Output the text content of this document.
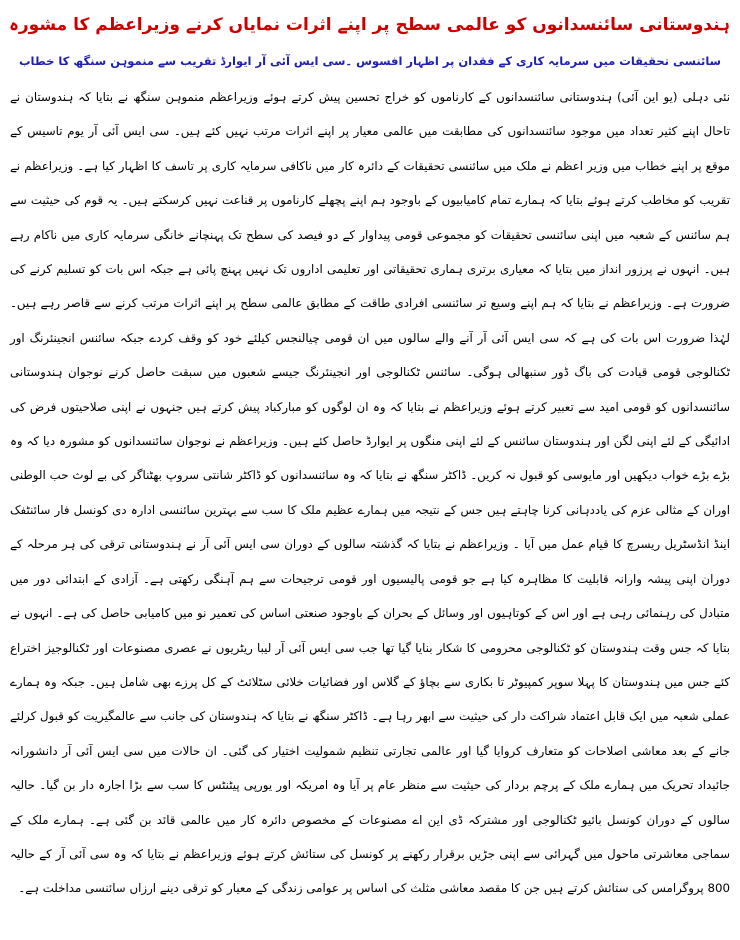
ہندوستانی سائنسدانوں کو عالمی سطح پر اپنے اثرات نمایاں کرنے وزیراعظم کا مشورہ
سائنسی تحقیقات میں سرمایہ کاری کے فقدان پر اظہار افسوس ۔سی ایس آئی آر ایوارڈ تقریب سے منموہن سنگھ کا خطاب

نئی دہلی (یو این آئی) ہندوستانی سائنسدانوں کے کارناموں کو خراج تحسین پیش کرتے ہوئے وزیراعظم منموہن سنگھ نے بتایا کہ ہندوستان نے تاحال اپنے کثیر تعداد میں موجود سائنسدانوں کی مطابقت میں عالمی معیار پر اپنے اثرات مرتب نہیں کئے ہیں۔ سی ایس آئی آر یوم تاسیس کے موقع پر اپنے خطاب میں وزیر اعظم نے ملک میں سائنسی تحقیقات کے دائرہ کار میں ناکافی سرمایہ کاری پر تاسف کا اظہار کیا ہے۔ وزیراعظم نے تقریب کو مخاطب کرتے ہوئے بتایا کہ ہمارے تمام کامیابیوں کے باوجود ہم اپنے پچھلے کارناموں پر قناعت نہیں کرسکتے ہیں۔ یہ قوم کی حیثیت سے ہم سائنس کے شعبہ میں اپنی سائنسی تحقیقات کو مجموعی قومی پیداوار کے دو فیصد کی سطح تک پہنچانے خانگی سرمایہ کاری میں ناکام رہے ہیں۔ انہوں نے پرزور انداز میں بتایا کہ معیاری برتری ہماری تحقیقاتی اور تعلیمی اداروں تک نہیں پہنچ پائی ہے جبکہ اس بات کو تسلیم کرنے کی ضرورت ہے۔ وزیراعظم نے بتایا کہ ہم اپنے وسیع تر سائنسی افرادی طاقت کے مطابق عالمی سطح پر اپنے اثرات مرتب کرنے سے قاصر رہے ہیں۔ لہٰذا ضرورت اس بات کی ہے کہ سی ایس آئی آر آنے والے سالوں میں ان قومی چیالنجس کیلئے خود کو وقف کردے جبکہ سائنس انجینئرنگ اور ٹکنالوجی قومی قیادت کی باگ ڈور سنبھالی ہوگی۔ سائنس ٹکنالوجی اور انجینئرنگ جیسے شعبوں میں سبقت حاصل کرنے نوجوان ہندوستانی سائنسدانوں کو قومی امید سے تعبیر کرتے ہوئے وزیراعظم نے بتایا کہ وہ ان لوگوں کو مبارکباد پیش کرتے ہیں جنہوں نے اپنی صلاحیتوں فرض کی ادائیگی کے لئے اپنی لگن اور ہندوستان سائنس کے لئے اپنی منگوں پر ایوارڈ حاصل کئے ہیں۔ وزیراعظم نے نوجوان سائنسدانوں کو مشورہ دیا کہ وہ بڑے بڑے خواب دیکھیں اور مایوسی کو قبول نہ کریں۔ ڈاکٹر سنگھ نے بتایا کہ وہ سائنسدانوں کو ڈاکٹر شانتی سروپ بھٹناگر کی بے لوث حب الوطنی اوران کے مثالی عزم کی یاددہانی کرنا چاہتے ہیں جس کے نتیجہ میں ہمارے عظیم ملک کا سب سے بہترین سائنسی ادارہ دی کونسل فار سائنٹفک اینڈ انڈسٹریل ریسرچ کا قیام عمل میں آیا ۔ وزیراعظم نے بتایا کہ گذشتہ سالوں کے دوران سی ایس آئی آر نے ہندوستانی ترقی کی ہر مرحلہ کے دوران اپنی پیشہ وارانہ قابلیت کا مظاہرہ کیا ہے جو قومی پالیسیوں اور قومی ترجیحات سے ہم آہنگی رکھتی ہے۔ آزادی کے ابتدائی دور میں متبادل کی رہنمائی رہی ہے اور اس کے کوتاہیوں اور وسائل کے بحران کے باوجود صنعتی اساس کی تعمیر نو میں کامیابی حاصل کی ہے۔ انہوں نے بتایا کہ جس وقت ہندوستان کو ٹکنالوجی محرومی کا شکار بنایا گیا تھا جب سی ایس آئی آر لیبا ریٹریوں نے عصری مصنوعات اور ٹکنالوجیز اختراع کئے جس میں ہندوستان کا پہلا سوپر کمپیوٹر تا بکاری سے بچاؤ کے گلاس اور فضائیات خلائی سٹلائٹ کے کل پرزے بھی شامل ہیں۔ جبکہ وہ ہمارے عملی شعبہ میں ایک قابل اعتماد شراکت دار کی حیثیت سے ابھر رہا ہے۔ ڈاکٹر سنگھ نے بتایا کہ ہندوستان کی جانب سے عالمگیریت کو قبول کرلئے جانے کے بعد معاشی اصلاحات کو متعارف کروایا گیا اور عالمی تجارتی تنظیم شمولیت اختیار کی گئی۔ ان حالات میں سی ایس آئی آر دانشورانہ جائیداد تحریک میں ہمارے ملک کے پرچم بردار کی حیثیت سے منظر عام پر آیا وہ امریکہ اور یورپی پیٹنٹس کا سب سے بڑا اجارہ دار بن گیا۔ حالیہ سالوں کے دوران کونسل بائیو ٹکنالوجی اور مشترکہ ڈی این اے مصنوعات کے مخصوص دائرہ کار میں عالمی قائد بن گئی ہے۔ ہمارے ملک کے سماجی معاشرتی ماحول میں گہرائی سے اپنی جڑیں برقرار رکھنے پر کونسل کی ستائش کرتے ہوئے وزیراعظم نے بتایا کہ وہ سی آئی آر کے حالیہ 800 پروگرامس کی ستائش کرتے ہیں جن کا مقصد معاشی مثلث کی اساس پر عوامی زندگی کے معیار کو ترقی دینے ارزاں سائنسی مداخلت ہے۔
